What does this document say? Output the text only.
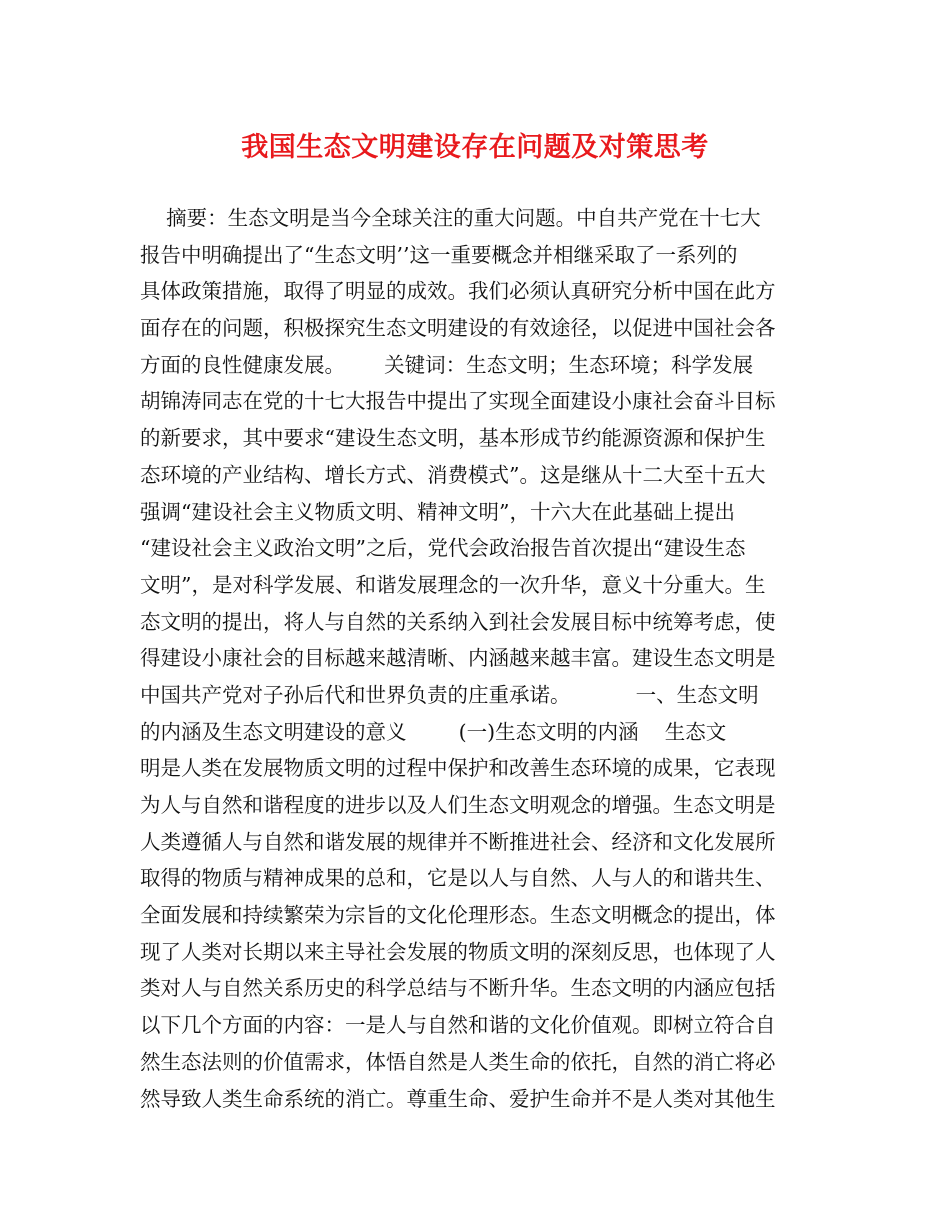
我国生态文明建设存在问题及对策思考
摘要：生态文明是当今全球关注的重大问题。中自共产党在十七大
报告中明确提出了“生态文明’’这一重要概念并相继采取了一系列的
具体政策措施，取得了明显的成效。我们必须认真研究分析中国在此方
面存在的问题，积极探究生态文明建设的有效途径，以促进中国社会各
方面的良性健康发展。      关键词：生态文明；生态环境；科学发展
胡锦涛同志在党的十七大报告中提出了实现全面建设小康社会奋斗目标
的新要求，其中要求“建设生态文明，基本形成节约能源资源和保护生
态环境的产业结构、增长方式、消费模式”。这是继从十二大至十五大
强调“建设社会主义物质文明、精神文明”，十六大在此基础上提出
“建设社会主义政治文明”之后，党代会政治报告首次提出“建设生态
文明”，是对科学发展、和谐发展理念的一次升华，意义十分重大。生
态文明的提出，将人与自然的关系纳入到社会发展目标中统筹考虑，使
得建设小康社会的目标越来越清晰、内涵越来越丰富。建设生态文明是
中国共产党对子孙后代和世界负责的庄重承诺。          一、生态文明
的内涵及生态文明建设的意义        (一)生态文明的内涵    生态文
明是人类在发展物质文明的过程中保护和改善生态环境的成果，它表现
为人与自然和谐程度的进步以及人们生态文明观念的增强。生态文明是
人类遵循人与自然和谐发展的规律并不断推进社会、经济和文化发展所
取得的物质与精神成果的总和，它是以人与自然、人与人的和谐共生、
全面发展和持续繁荣为宗旨的文化伦理形态。生态文明概念的提出，体
现了人类对长期以来主导社会发展的物质文明的深刻反思，也体现了人
类对人与自然关系历史的科学总结与不断升华。生态文明的内涵应包括
以下几个方面的内容：一是人与自然和谐的文化价值观。即树立符合自
然生态法则的价值需求，体悟自然是人类生命的依托，自然的消亡将必
然导致人类生命系统的消亡。尊重生命、爱护生命并不是人类对其他生
